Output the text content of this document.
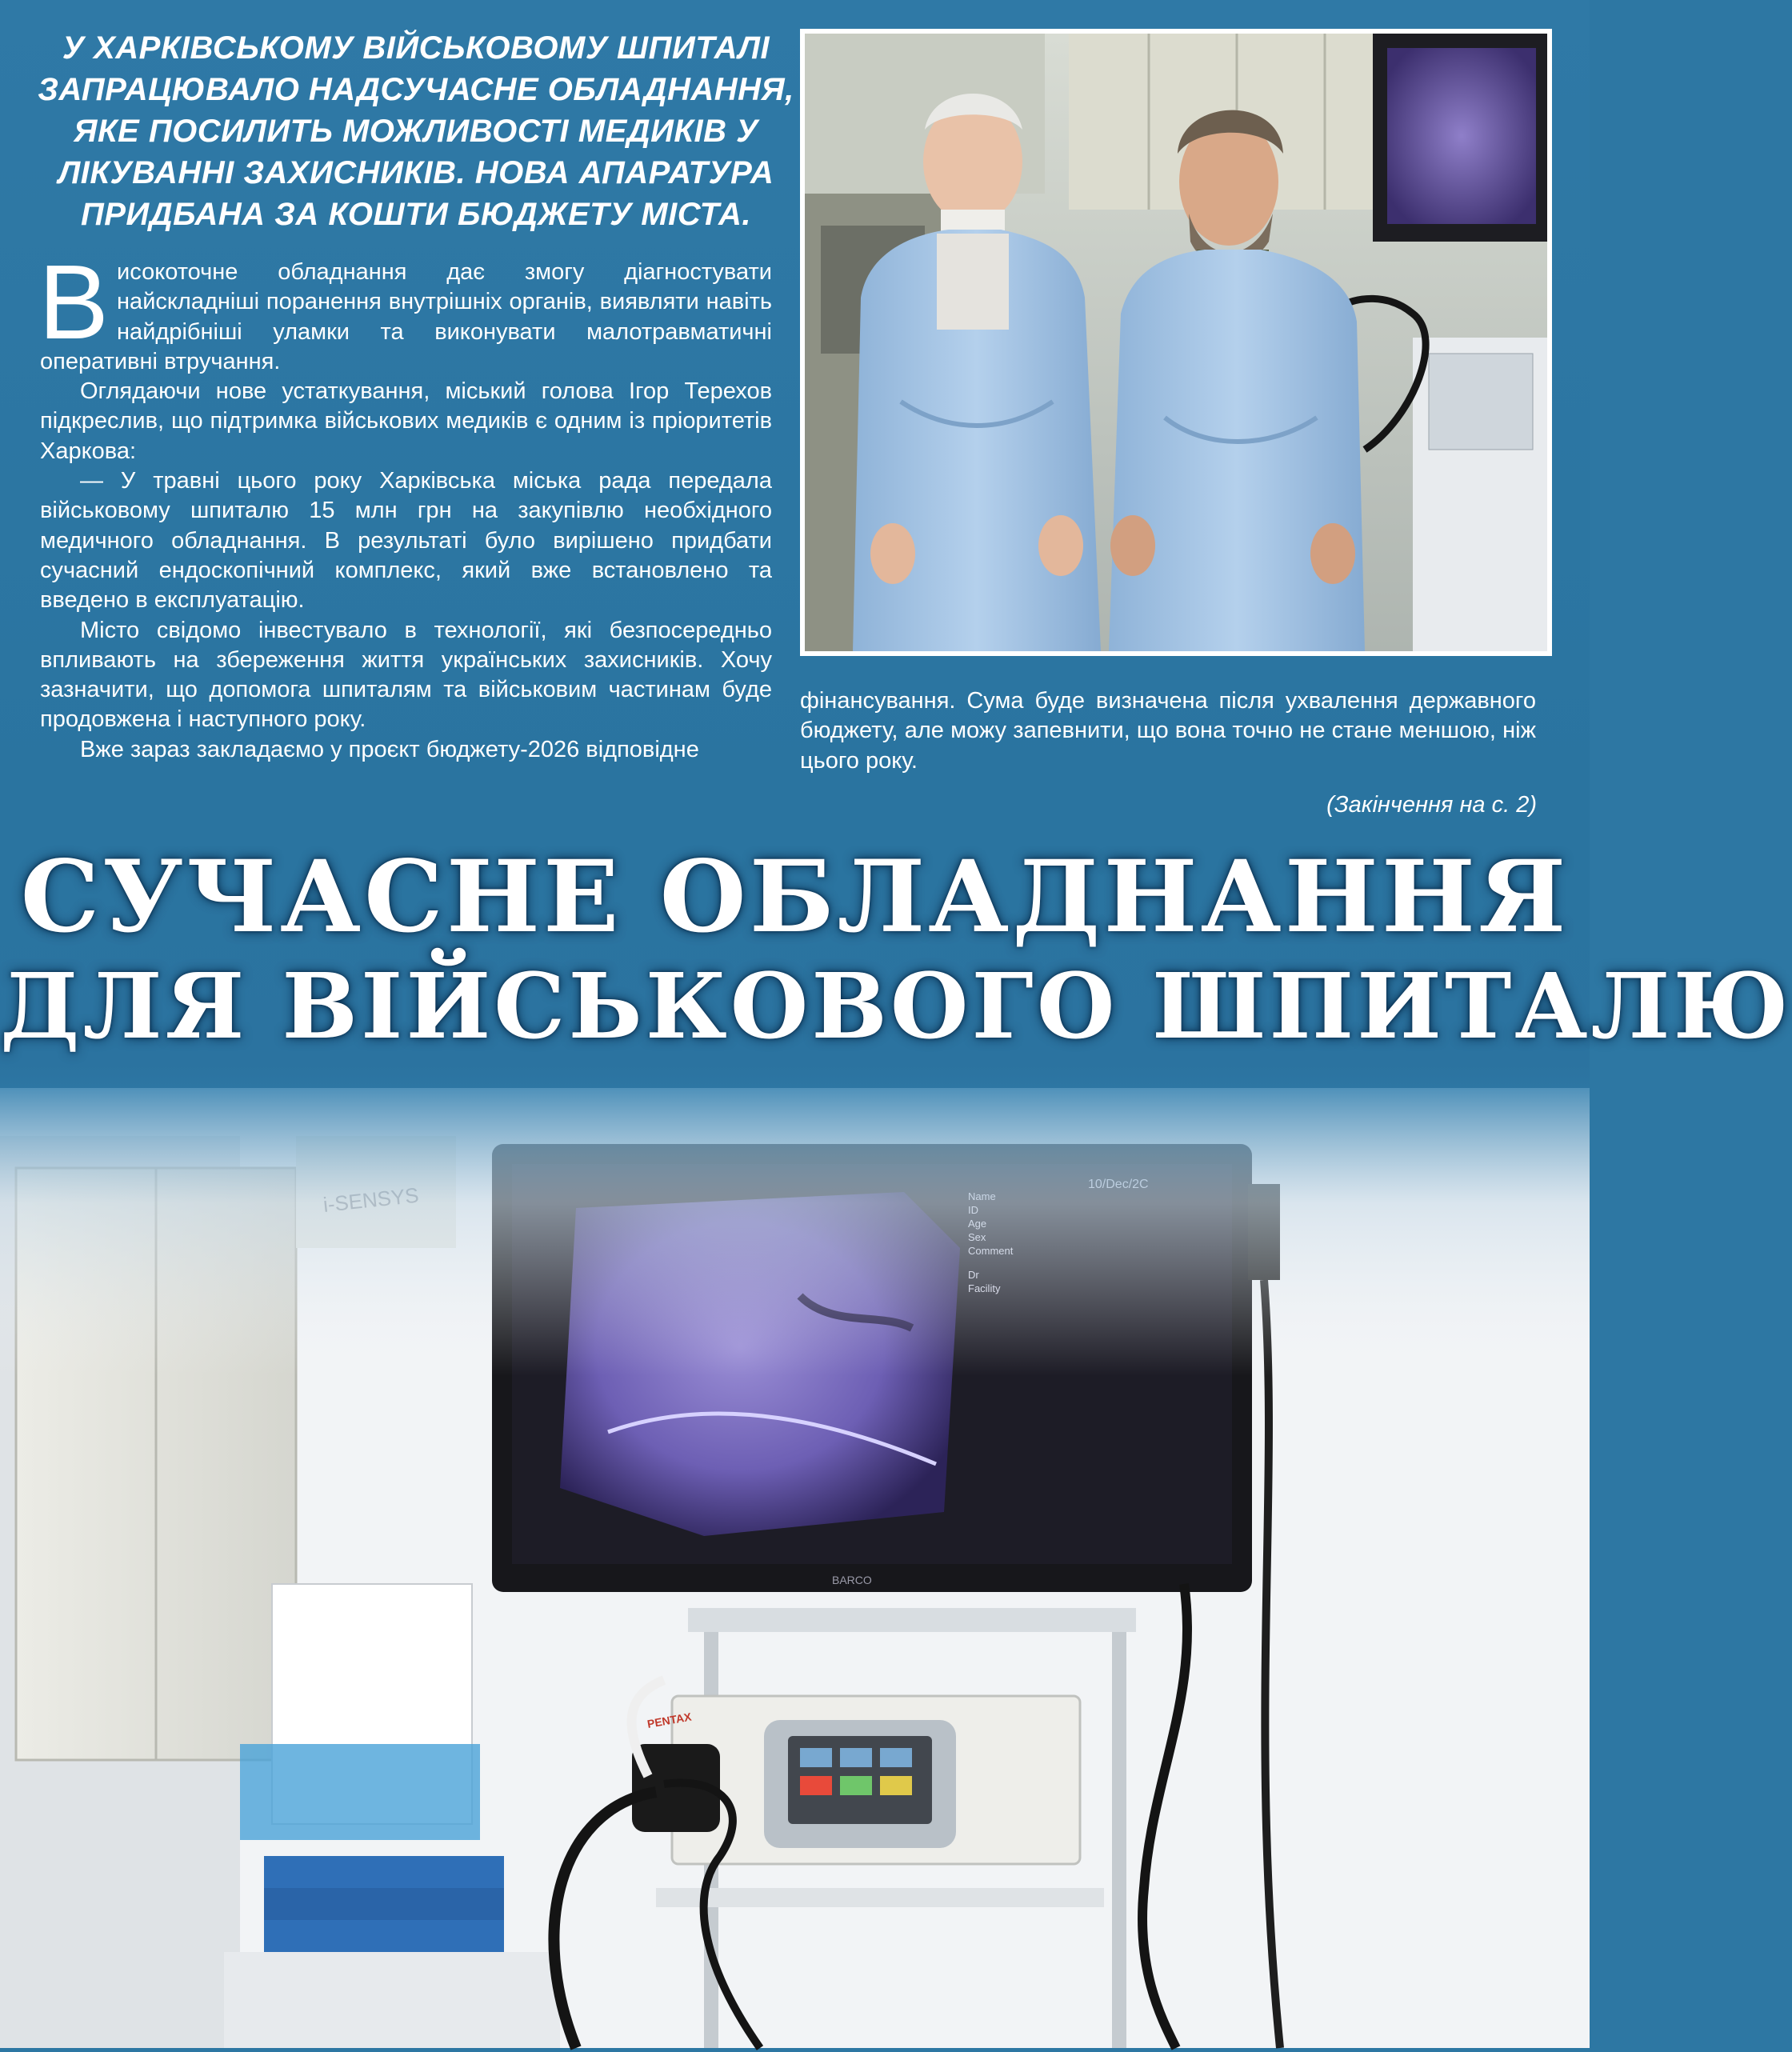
У ХАРКІВСЬКОМУ ВІЙСЬКОВОМУ ШПИТАЛІ ЗАПРАЦЮВАЛО НАДСУЧАСНЕ ОБЛАДНАННЯ, ЯКЕ ПОСИЛИТЬ МОЖЛИВОСТІ МЕДИКІВ У ЛІКУВАННІ ЗАХИСНИКІВ. НОВА АПАРАТУРА ПРИДБАНА ЗА КОШТИ БЮДЖЕТУ МІСТА.

Високоточне обладнання дає змогу діагностувати найскладніші поранення внутрішніх органів, виявляти навіть найдрібніші уламки та виконувати малотравматичні оперативні втручання.

Оглядаючи нове устаткування, міський голова Ігор Терехов підкреслив, що підтримка військових медиків є одним із пріоритетів Харкова:

— У травні цього року Харківська міська рада передала військовому шпиталю 15 млн грн на закупівлю необхідного медичного обладнання. В результаті було вирішено придбати сучасний ендоскопічний комплекс, який вже встановлено та введено в експлуатацію.

Місто свідомо інвестувало в технології, які безпосередньо впливають на збереження життя українських захисників. Хочу зазначити, що допомога шпиталям та військовим частинам буде продовжена і наступного року.

Вже зараз закладаємо у проєкт бюджету-2026 відповідне

фінансування. Сума буде визначена після ухвалення державного бюджету, але можу запевнити, що вона точно не стане меншою, ніж цього року.

(Закінчення на с. 2)
СУЧАСНЕ ОБЛАДНАННЯ
ДЛЯ ВІЙСЬКОВОГО ШПИТАЛЮ
